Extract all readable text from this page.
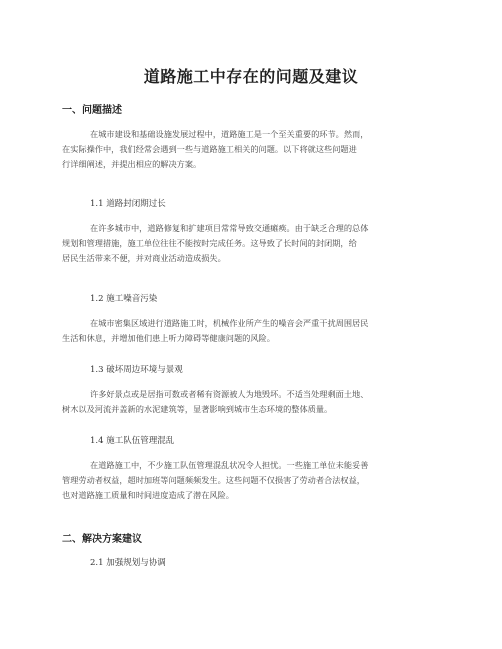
道路施工中存在的问题及建议
一、问题描述
在城市建设和基础设施发展过程中，道路施工是一个至关重要的环节。然而，
在实际操作中，我们经常会遇到一些与道路施工相关的问题。以下将就这些问题进
行详细阐述，并提出相应的解决方案。
1.1 道路封闭期过长
在许多城市中，道路修复和扩建项目常常导致交通瘫痪。由于缺乏合理的总体
规划和管理措施，施工单位往往不能按时完成任务。这导致了长时间的封闭期，给
居民生活带来不便，并对商业活动造成损失。
1.2 施工噪音污染
在城市密集区域进行道路施工时，机械作业所产生的噪音会严重干扰周围居民
生活和休息，并增加他们患上听力障碍等健康问题的风险。
1.3 破坏周边环境与景观
许多好景点或是居指可数或者稀有资源被人为地毁坏。不适当处理剩面土地、
树木以及河流并盖新的水泥建筑等，显著影响到城市生态环境的整体质量。
1.4 施工队伍管理混乱
在道路施工中，不少施工队伍管理混乱状况令人担忧。一些施工单位未能妥善
管理劳动者权益，超时加班等问题频频发生。这些问题不仅损害了劳动者合法权益，
也对道路施工质量和时间进度造成了潜在风险。
二、解决方案建议
2.1 加强规划与协调
